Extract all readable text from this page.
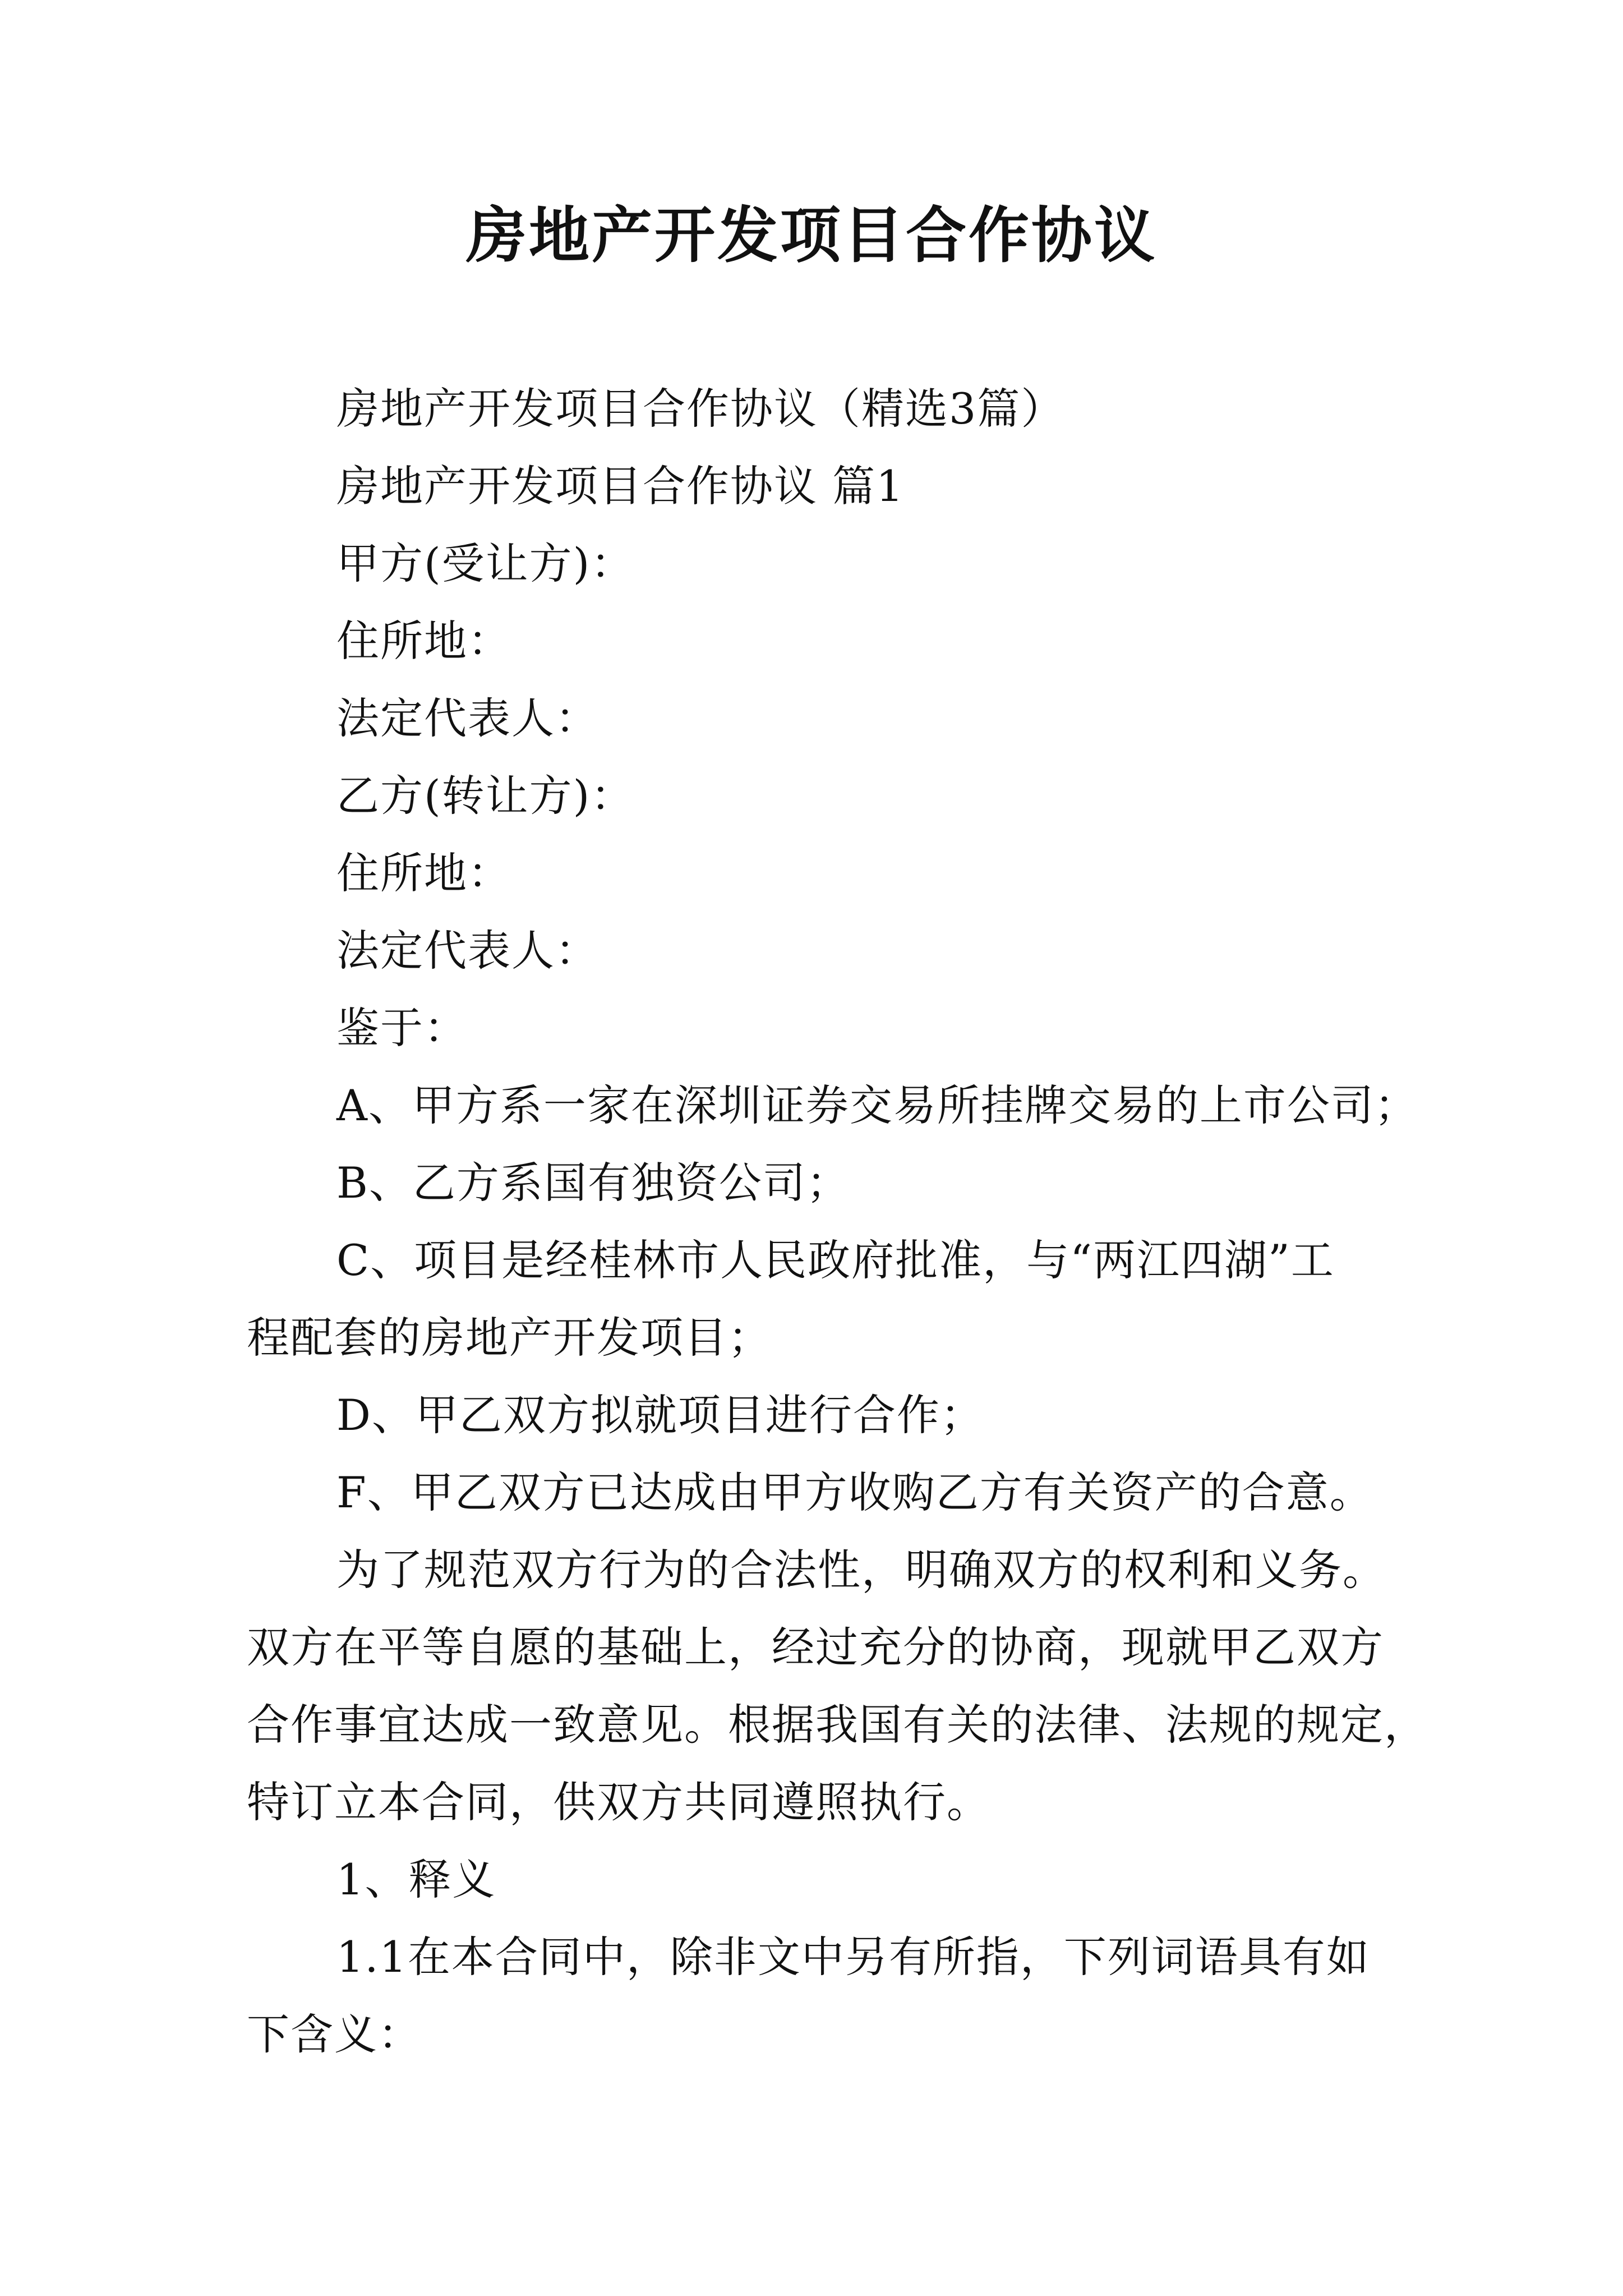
房地产开发项目合作协议
房地产开发项目合作协议（精选3篇）
房地产开发项目合作协议 篇1
甲方(受让方)：
住所地：
法定代表人：
乙方(转让方)：
住所地：
法定代表人：
鉴于：
A、甲方系一家在深圳证券交易所挂牌交易的上市公司；
B、乙方系国有独资公司；
C、项目是经桂林市人民政府批准，与“两江四湖”工
程配套的房地产开发项目；
D、甲乙双方拟就项目进行合作；
F、甲乙双方已达成由甲方收购乙方有关资产的合意。
为了规范双方行为的合法性，明确双方的权利和义务。
双方在平等自愿的基础上，经过充分的协商，现就甲乙双方
合作事宜达成一致意见。根据我国有关的法律、法规的规定，
特订立本合同，供双方共同遵照执行。
1、释义
1.1在本合同中，除非文中另有所指，下列词语具有如
下含义：
